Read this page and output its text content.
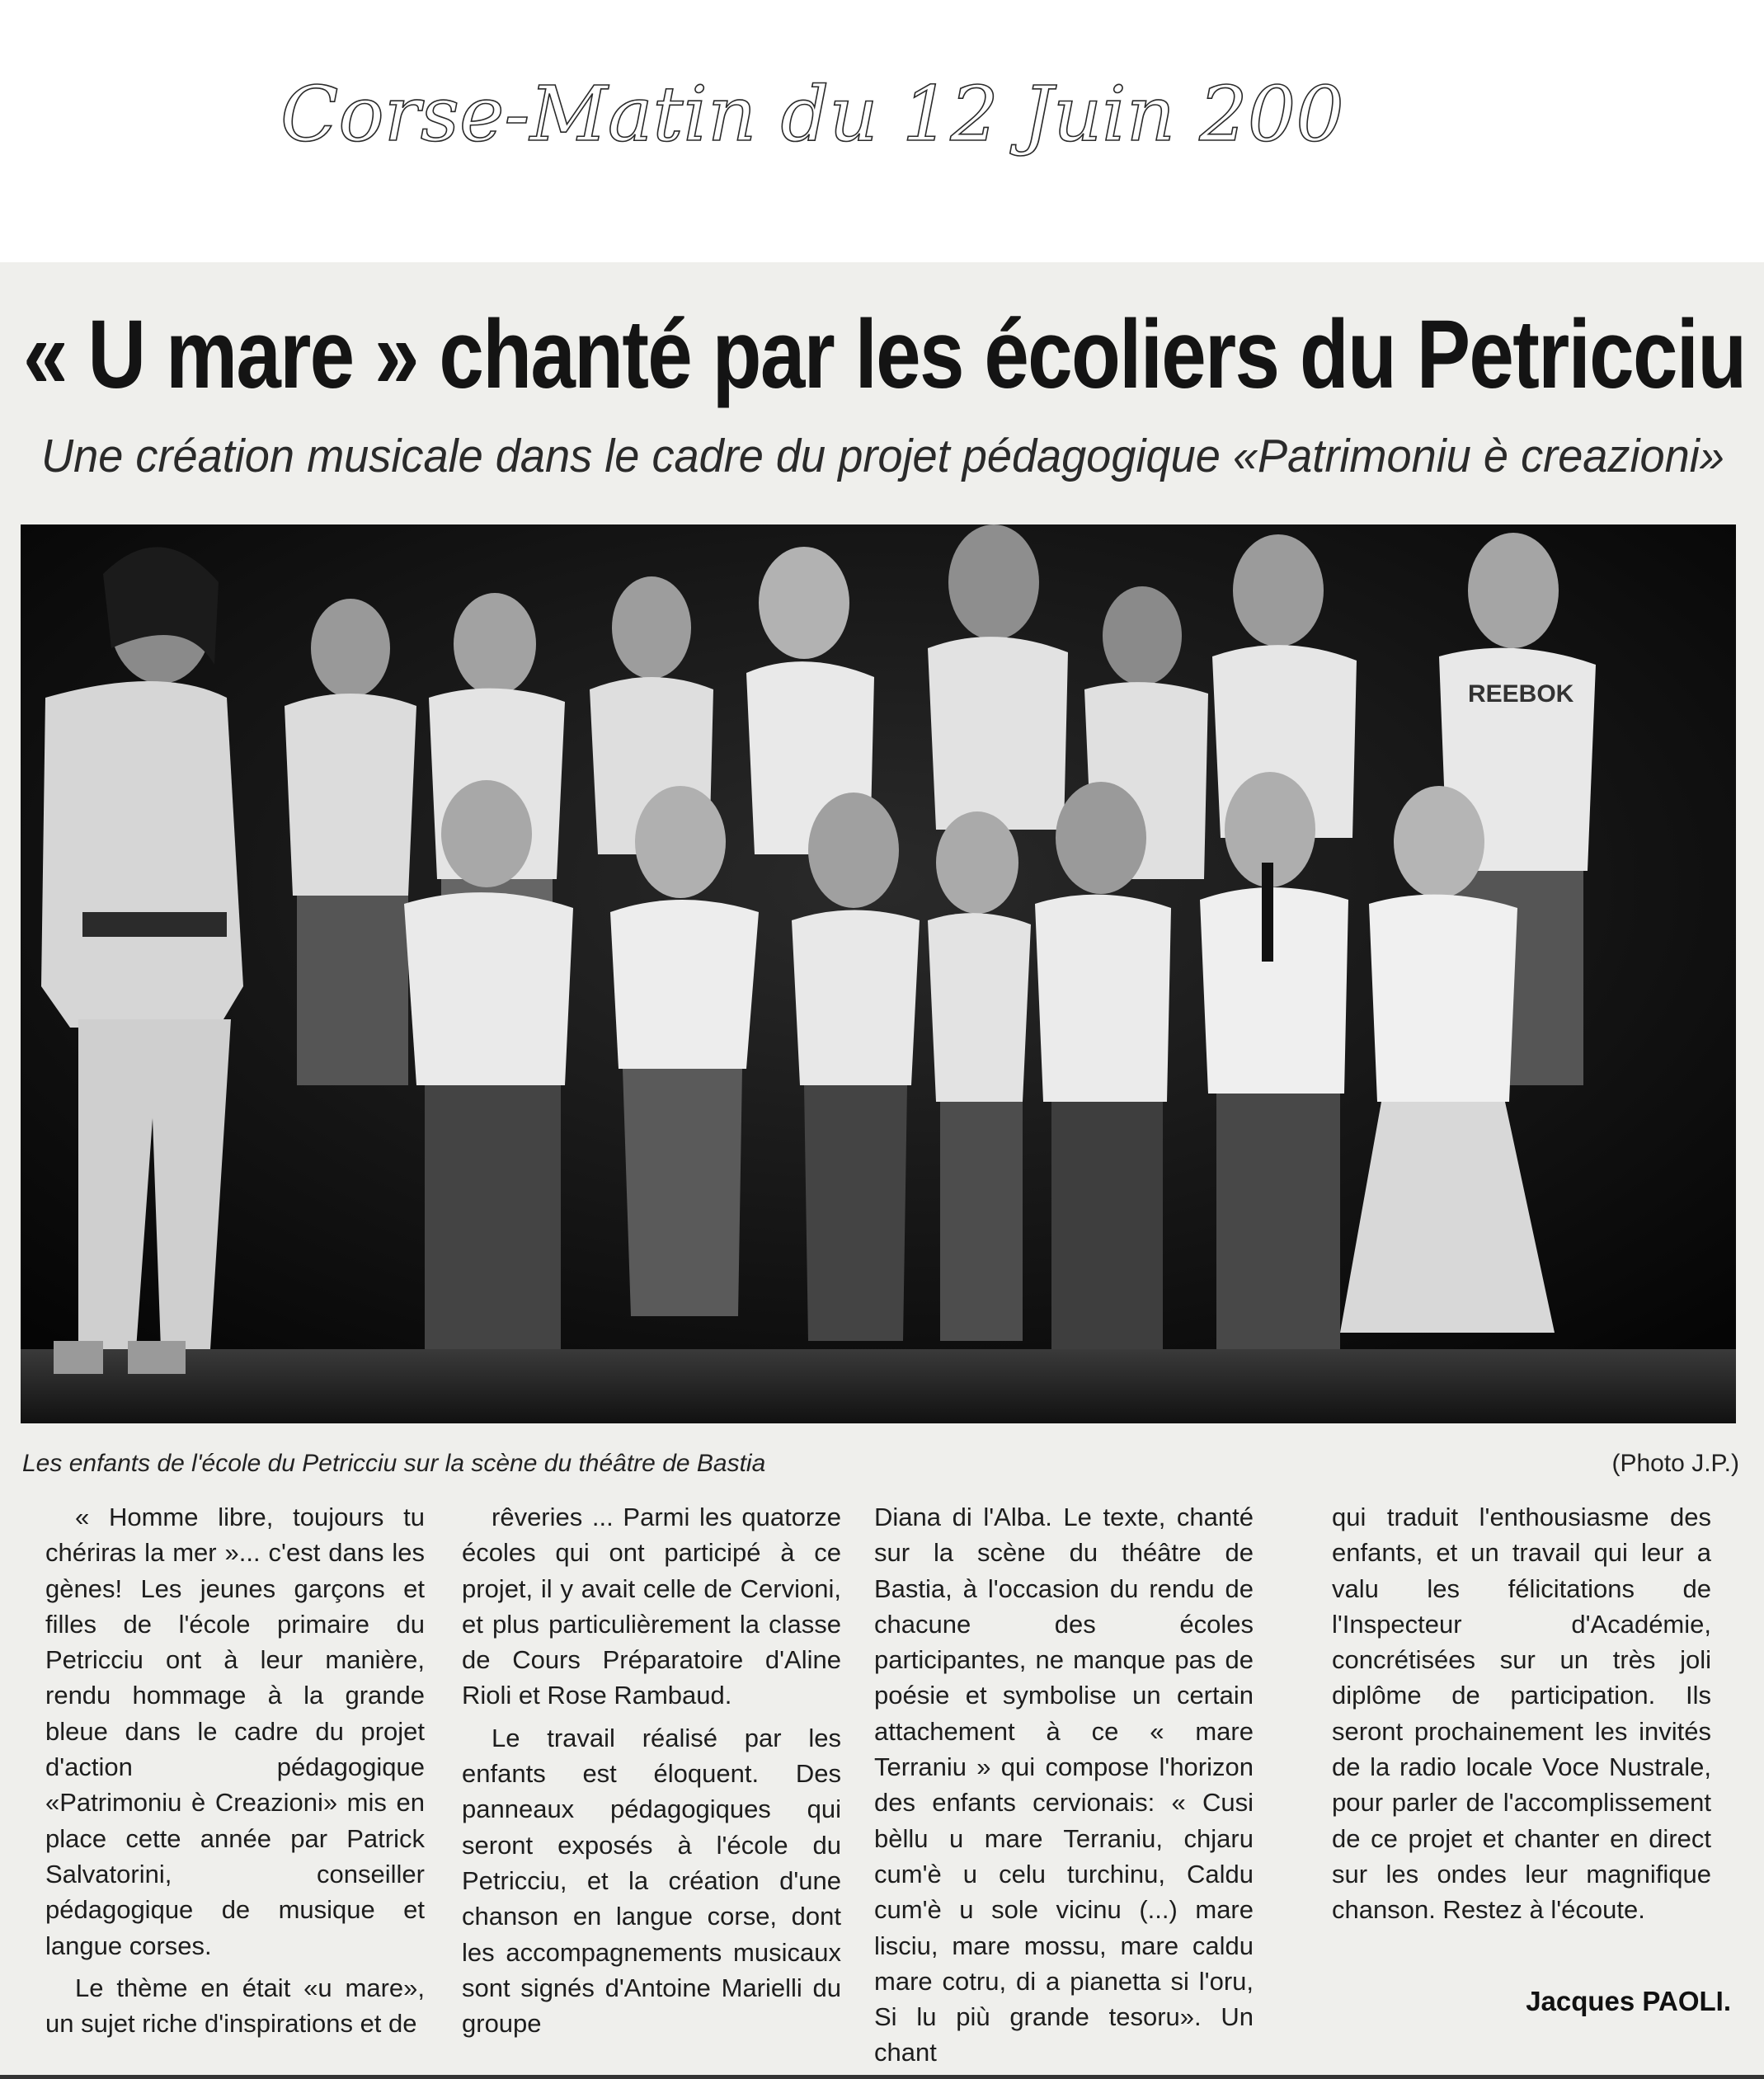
Corse-Matin du 12 Juin 2005
« U mare » chanté par les écoliers du Petricciu
Une création musicale dans le cadre du projet pédagogique «Patrimoniu è creazioni»
REEBOK
Les enfants de l'école du Petricciu sur la scène du théâtre de Bastia	(Photo J.P.)

« Homme libre, toujours tu chériras la mer »... c'est dans les gènes! Les jeunes garçons et filles de l'école primaire du Petricciu ont à leur manière, rendu hommage à la grande bleue dans le cadre du projet d'action pédagogique «Patrimoniu è Creazioni» mis en place cette année par Patrick Salvatorini, conseiller pédagogique de musique et langue corses.

Le thème en était «u mare», un sujet riche d'inspirations et de

rêveries ... Parmi les quatorze écoles qui ont participé à ce projet, il y avait celle de Cervioni, et plus particulièrement la classe de Cours Préparatoire d'Aline Rioli et Rose Rambaud.

Le travail réalisé par les enfants est éloquent. Des panneaux pédagogiques qui seront exposés à l'école du Petricciu, et la création d'une chanson en langue corse, dont les accompagnements musicaux sont signés d'Antoine Marielli du groupe

Diana di l'Alba. Le texte, chanté sur la scène du théâtre de Bastia, à l'occasion du rendu de chacune des écoles participantes, ne manque pas de poésie et symbolise un certain attachement à ce « mare Terraniu » qui compose l'horizon des enfants cervionais: « Cusi bèllu u mare Terraniu, chjaru cum'è u celu turchinu, Caldu cum'è u sole vicinu (...) mare lisciu, mare mossu, mare caldu mare cotru, di a pianetta si l'oru, Si lu più grande tesoru». Un chant

qui traduit l'enthousiasme des enfants, et un travail qui leur a valu les félicitations de l'Inspecteur d'Académie, concrétisées sur un très joli diplôme de participation. Ils seront prochainement les invités de la radio locale Voce Nustrale, pour parler de l'accomplissement de ce projet et chanter en direct sur les ondes leur magnifique chanson. Restez à l'écoute.

Jacques PAOLI.
